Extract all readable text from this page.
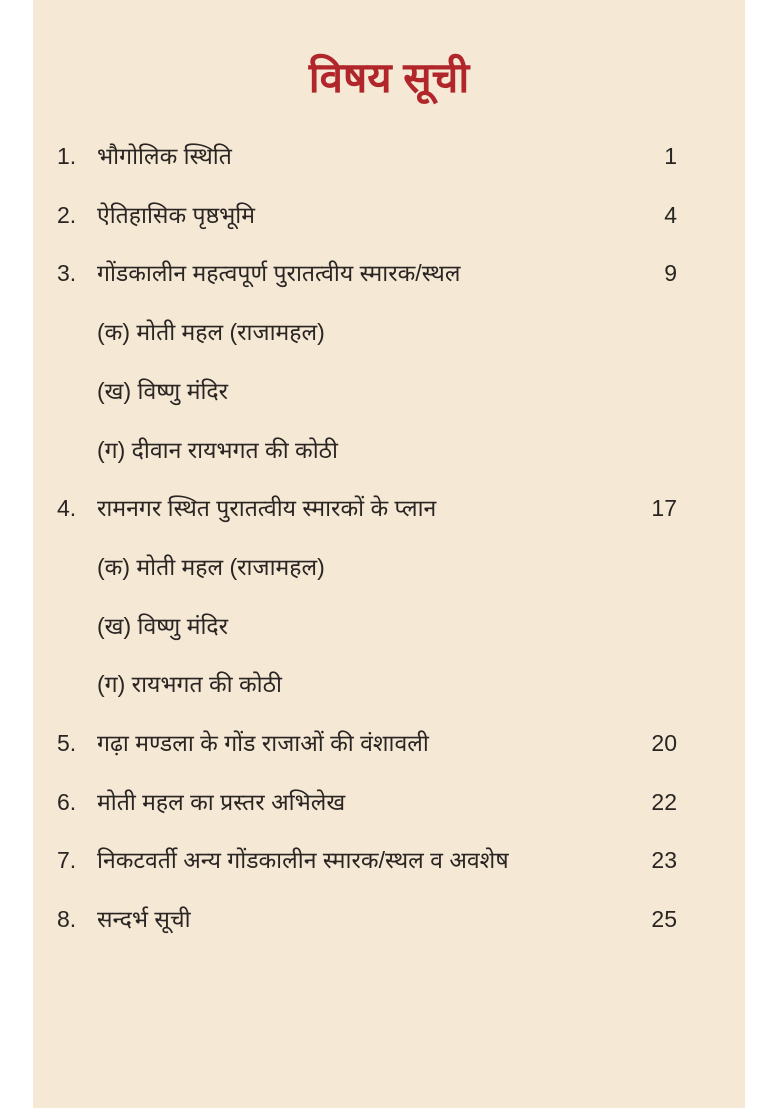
विषय सूची
1. भौगोलिक स्थिति	1
2. ऐतिहासिक पृष्ठभूमि	4
3. गोंडकालीन महत्वपूर्ण पुरातत्वीय स्मारक/स्थल	9
(क) मोती महल (राजामहल)
(ख) विष्णु मंदिर
(ग) दीवान रायभगत की कोठी
4. रामनगर स्थित पुरातत्वीय स्मारकों के प्लान	17
(क) मोती महल (राजामहल)
(ख) विष्णु मंदिर
(ग) रायभगत की कोठी
5. गढ़ा मण्डला के गोंड राजाओं की वंशावली	20
6. मोती महल का प्रस्तर अभिलेख	22
7. निकटवर्ती अन्य गोंडकालीन स्मारक/स्थल व अवशेष	23
8. सन्दर्भ सूची	25
